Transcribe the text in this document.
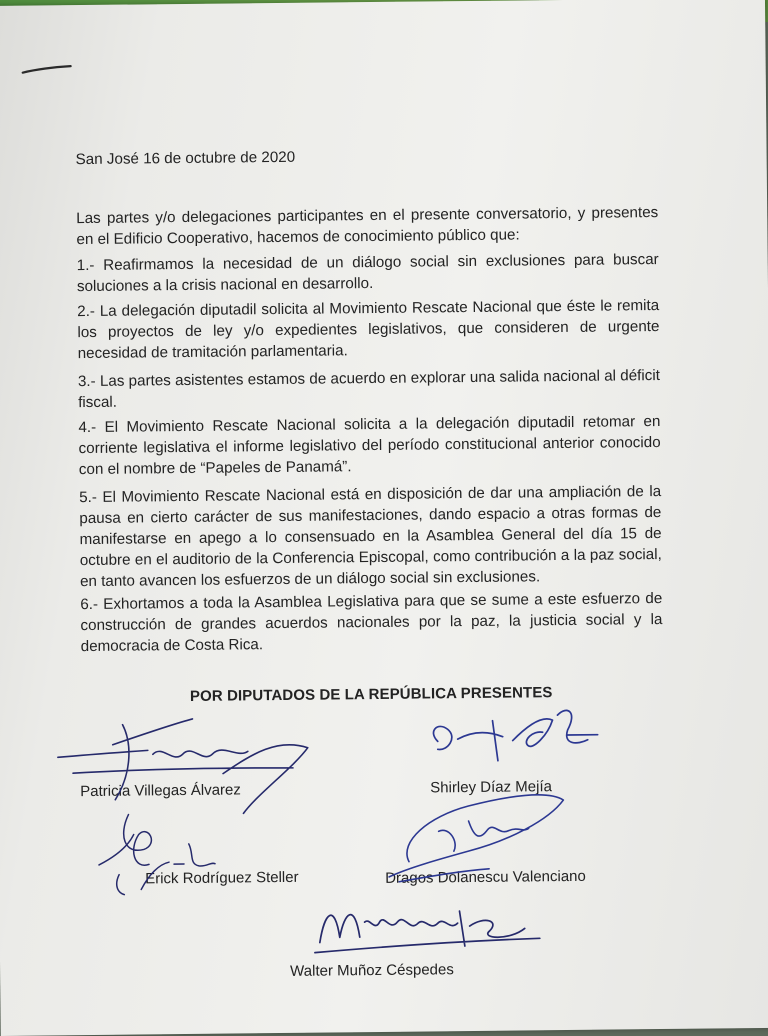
San José 16 de octubre de 2020

Las partes y/o delegaciones participantes en el presente conversatorio, y presentes en el Edificio Cooperativo, hacemos de conocimiento público que:

1.- Reafirmamos la necesidad de un diálogo social sin exclusiones para buscar soluciones a la crisis nacional en desarrollo.

2.- La delegación diputadil solicita al Movimiento Rescate Nacional que éste le remita los proyectos de ley y/o expedientes legislativos, que consideren de urgente necesidad de tramitación parlamentaria.

3.- Las partes asistentes estamos de acuerdo en explorar una salida nacional al déficit fiscal.

4.- El Movimiento Rescate Nacional solicita a la delegación diputadil retomar en corriente legislativa el informe legislativo del período constitucional anterior conocido con el nombre de “Papeles de Panamá”.

5.- El Movimiento Rescate Nacional está en disposición de dar una ampliación de la pausa en cierto carácter de sus manifestaciones, dando espacio a otras formas de manifestarse en apego a lo consensuado en la Asamblea General del día 15 de octubre en el auditorio de la Conferencia Episcopal, como contribución a la paz social, en tanto avancen los esfuerzos de un diálogo social sin exclusiones.

6.- Exhortamos a toda la Asamblea Legislativa para que se sume a este esfuerzo de construcción de grandes acuerdos nacionales por la paz, la justicia social y la democracia de Costa Rica.

POR DIPUTADOS DE LA REPÚBLICA PRESENTES
Patricia Villegas Álvarez	Shirley Díaz Mejía
Erick Rodríguez Steller	Dragos Dolanescu Valenciano
Walter Muñoz Céspedes
